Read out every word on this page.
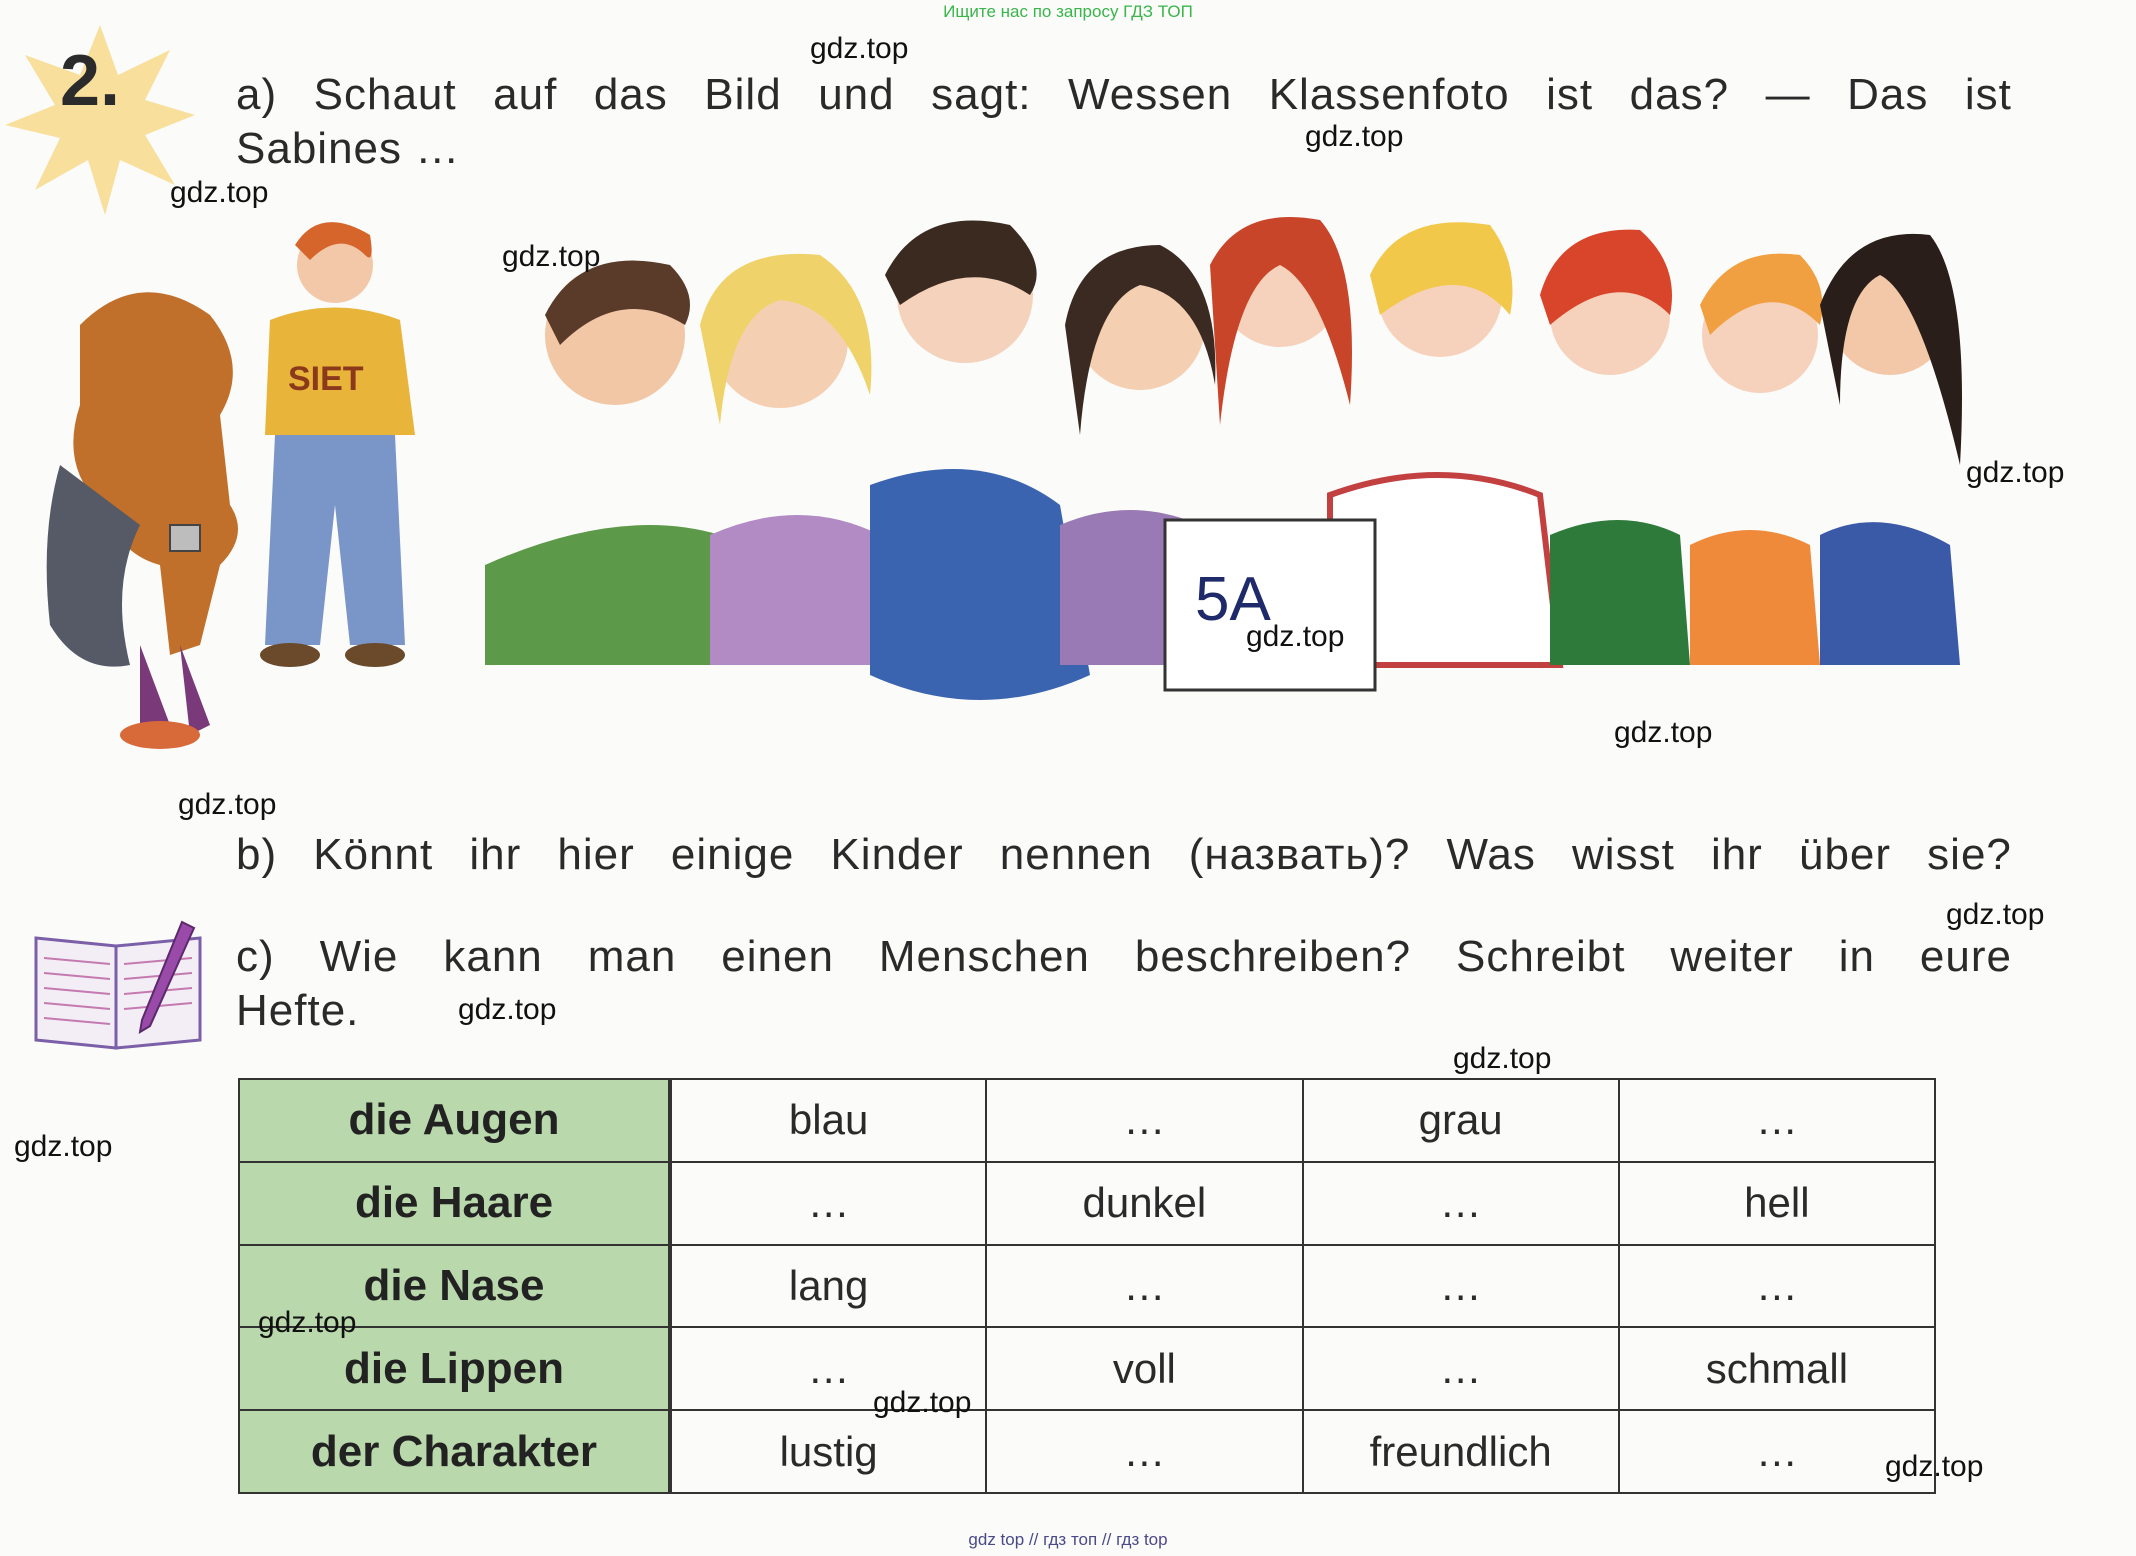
Ищите нас по запросу ГДЗ ТОП
gdz top // гдз топ // гдз top
2.	a) Schaut auf das Bild und sagt: Wessen Klassenfoto ist das? — Das ist
Sabines …
SIET
5A
b) Könnt ihr hier einige Kinder nennen (назвать)? Was wisst ihr über sie?
c) Wie kann man einen Menschen beschreiben? Schreibt weiter in eure
Hefte.
die Augen	blau	…	grau	…
die Haare	…	dunkel	…	hell
die Nase	lang	…	…	…
die Lippen	…	voll	…	schmall
der Charakter	lustig	…	freundlich	…
gdz.top
gdz.top
gdz.top
gdz.top
gdz.top
gdz.top
gdz.top
gdz.top
gdz.top
gdz.top
gdz.top
gdz.top
gdz.top
gdz.top
gdz.top
